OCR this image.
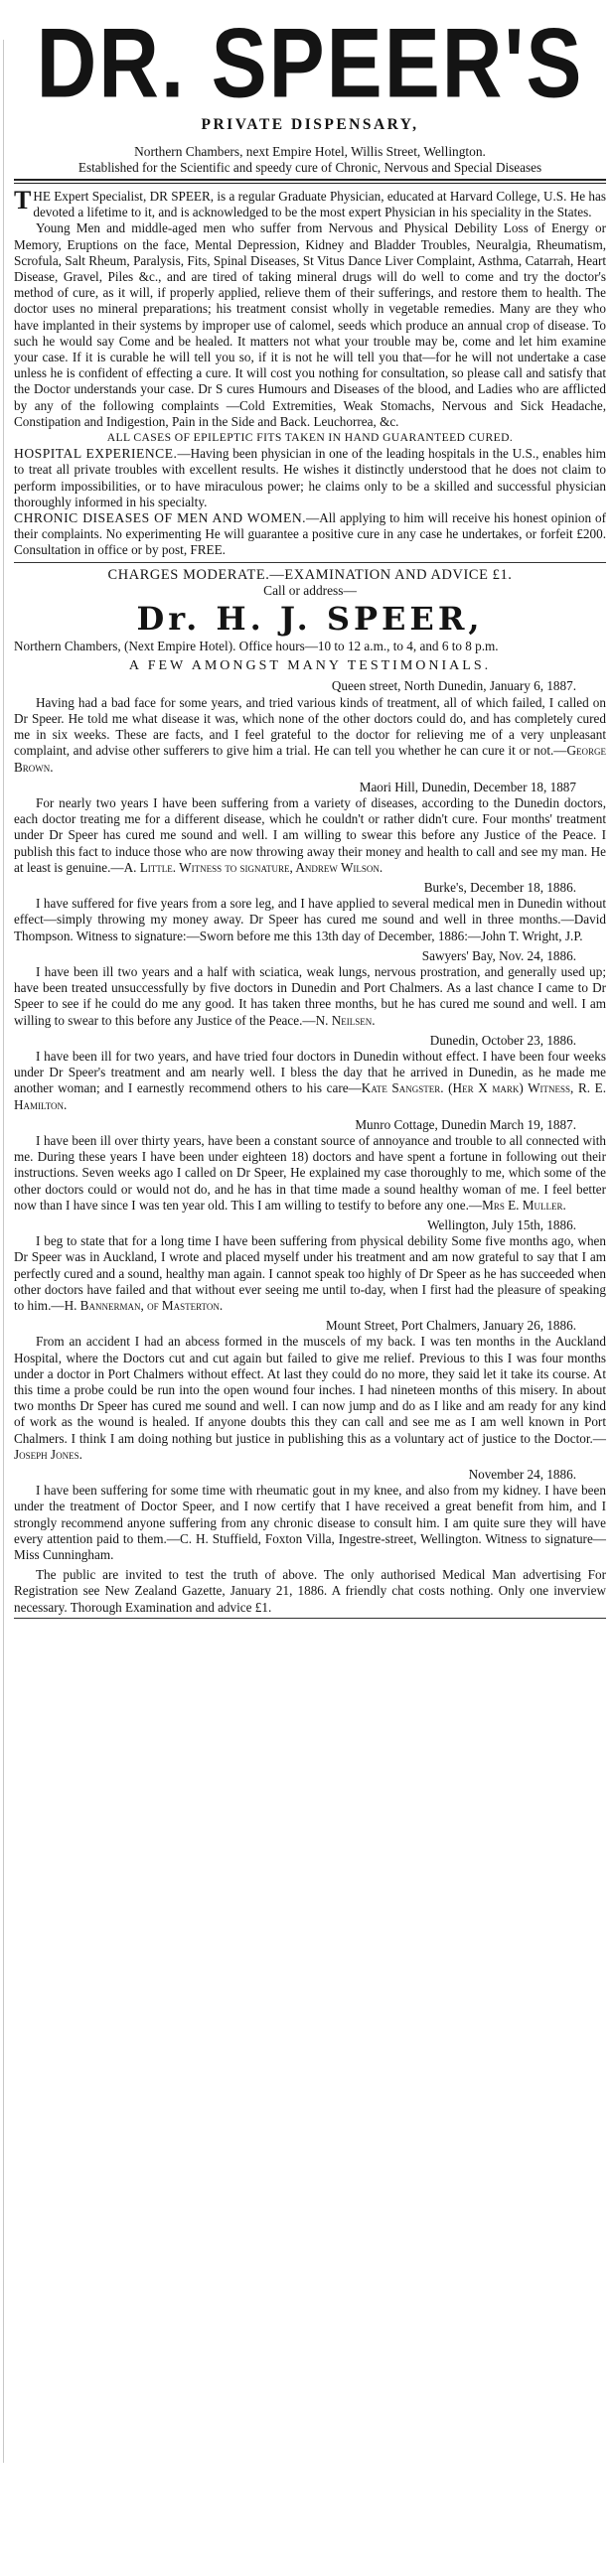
DR. SPEER'S
PRIVATE DISPENSARY,

Northern Chambers, next Empire Hotel, Willis Street, Wellington.

Established for the Scientific and speedy cure of Chronic, Nervous and Special Diseases

THE Expert Specialist, DR SPEER, is a regular Graduate Physician, educated at Harvard College, U.S. He has devoted a lifetime to it, and is acknowledged to be the most expert Physician in his speciality in the States.

Young Men and middle-aged men who suffer from Nervous and Physical Debility Loss of Energy or Memory, Eruptions on the face, Mental Depression, Kidney and Bladder Troubles, Neuralgia, Rheumatism, Scrofula, Salt Rheum, Paralysis, Fits, Spinal Diseases, St Vitus Dance Liver Complaint, Asthma, Catarrah, Heart Disease, Gravel, Piles &c., and are tired of taking mineral drugs will do well to come and try the doctor's method of cure, as it will, if properly applied, relieve them of their sufferings, and restore them to health. The doctor uses no mineral preparations; his treatment consist wholly in vegetable remedies. Many are they who have implanted in their systems by improper use of calomel, seeds which produce an annual crop of disease. To such he would say Come and be healed. It matters not what your trouble may be, come and let him examine your case. If it is curable he will tell you so, if it is not he will tell you that—for he will not undertake a case unless he is confident of effecting a cure. It will cost you nothing for consultation, so please call and satisfy that the Doctor understands your case. Dr S cures Humours and Diseases of the blood, and Ladies who are afflicted by any of the following complaints —Cold Extremities, Weak Stomachs, Nervous and Sick Headache, Constipation and Indigestion, Pain in the Side and Back. Leuchorrea, &c.

ALL CASES OF EPILEPTIC FITS TAKEN IN HAND GUARANTEED CURED.

HOSPITAL EXPERIENCE.—Having been physician in one of the leading hospitals in the U.S., enables him to treat all private troubles with excellent results. He wishes it distinctly understood that he does not claim to perform impossibilities, or to have miraculous power; he claims only to be a skilled and successful physician thoroughly informed in his specialty.

CHRONIC DISEASES OF MEN AND WOMEN.—All applying to him will receive his honest opinion of their complaints. No experimenting He will guarantee a positive cure in any case he undertakes, or forfeit £200. Consultation in office or by post, FREE.

CHARGES MODERATE.—EXAMINATION AND ADVICE £1.

Call or address—

Dr. H. J. SPEER,

Northern Chambers, (Next Empire Hotel). Office hours—10 to 12 a.m., to 4, and 6 to 8 p.m.

A FEW AMONGST MANY TESTIMONIALS.

Queen street, North Dunedin, January 6, 1887.

Having had a bad face for some years, and tried various kinds of treatment, all of which failed, I called on Dr Speer. He told me what disease it was, which none of the other doctors could do, and has completely cured me in six weeks. These are facts, and I feel grateful to the doctor for relieving me of a very unpleasant complaint, and advise other sufferers to give him a trial. He can tell you whether he can cure it or not.—George Brown.

Maori Hill, Dunedin, December 18, 1887

For nearly two years I have been suffering from a variety of diseases, according to the Dunedin doctors, each doctor treating me for a different disease, which he couldn't or rather didn't cure. Four months' treatment under Dr Speer has cured me sound and well. I am willing to swear this before any Justice of the Peace. I publish this fact to induce those who are now throwing away their money and health to call and see my man. He at least is genuine.—A. Little. Witness to signature, Andrew Wilson.

Burke's, December 18, 1886.

I have suffered for five years from a sore leg, and I have applied to several medical men in Dunedin without effect—simply throwing my money away. Dr Speer has cured me sound and well in three months.—David Thompson. Witness to signature:—Sworn before me this 13th day of December, 1886:—John T. Wright, J.P.

Sawyers' Bay, Nov. 24, 1886.

I have been ill two years and a half with sciatica, weak lungs, nervous prostration, and generally used up; have been treated unsuccessfully by five doctors in Dunedin and Port Chalmers. As a last chance I came to Dr Speer to see if he could do me any good. It has taken three months, but he has cured me sound and well. I am willing to swear to this before any Justice of the Peace.—N. Neilsen.

Dunedin, October 23, 1886.

I have been ill for two years, and have tried four doctors in Dunedin without effect. I have been four weeks under Dr Speer's treatment and am nearly well. I bless the day that he arrived in Dunedin, as he made me another woman; and I earnestly recommend others to his care—Kate Sangster. (Her X mark) Witness, R. E. Hamilton.

Munro Cottage, Dunedin March 19, 1887.

I have been ill over thirty years, have been a constant source of annoyance and trouble to all connected with me. During these years I have been under eighteen 18) doctors and have spent a fortune in following out their instructions. Seven weeks ago I called on Dr Speer, He explained my case thoroughly to me, which some of the other doctors could or would not do, and he has in that time made a sound healthy woman of me. I feel better now than I have since I was ten year old. This I am willing to testify to before any one.—Mrs E. Muller.

Wellington, July 15th, 1886.

I beg to state that for a long time I have been suffering from physical debility Some five months ago, when Dr Speer was in Auckland, I wrote and placed myself under his treatment and am now grateful to say that I am perfectly cured and a sound, healthy man again. I cannot speak too highly of Dr Speer as he has succeeded when other doctors have failed and that without ever seeing me until to-day, when I first had the pleasure of speaking to him.—H. Bannerman, of Masterton.

Mount Street, Port Chalmers, January 26, 1886.

From an accident I had an abcess formed in the muscels of my back. I was ten months in the Auckland Hospital, where the Doctors cut and cut again but failed to give me relief. Previous to this I was four months under a doctor in Port Chalmers without effect. At last they could do no more, they said let it take its course. At this time a probe could be run into the open wound four inches. I had nineteen months of this misery. In about two months Dr Speer has cured me sound and well. I can now jump and do as I like and am ready for any kind of work as the wound is healed. If anyone doubts this they can call and see me as I am well known in Port Chalmers. I think I am doing nothing but justice in publishing this as a voluntary act of justice to the Doctor.—Joseph Jones.

November 24, 1886.

I have been suffering for some time with rheumatic gout in my knee, and also from my kidney. I have been under the treatment of Doctor Speer, and I now certify that I have received a great benefit from him, and I strongly recommend anyone suffering from any chronic disease to consult him. I am quite sure they will have every attention paid to them.—C. H. Stuffield, Foxton Villa, Ingestre-street, Wellington. Witness to signature—Miss Cunningham.

The public are invited to test the truth of above. The only authorised Medical Man advertising For Registration see New Zealand Gazette, January 21, 1886. A friendly chat costs nothing. Only one inverview necessary. Thorough Examination and advice £1.
